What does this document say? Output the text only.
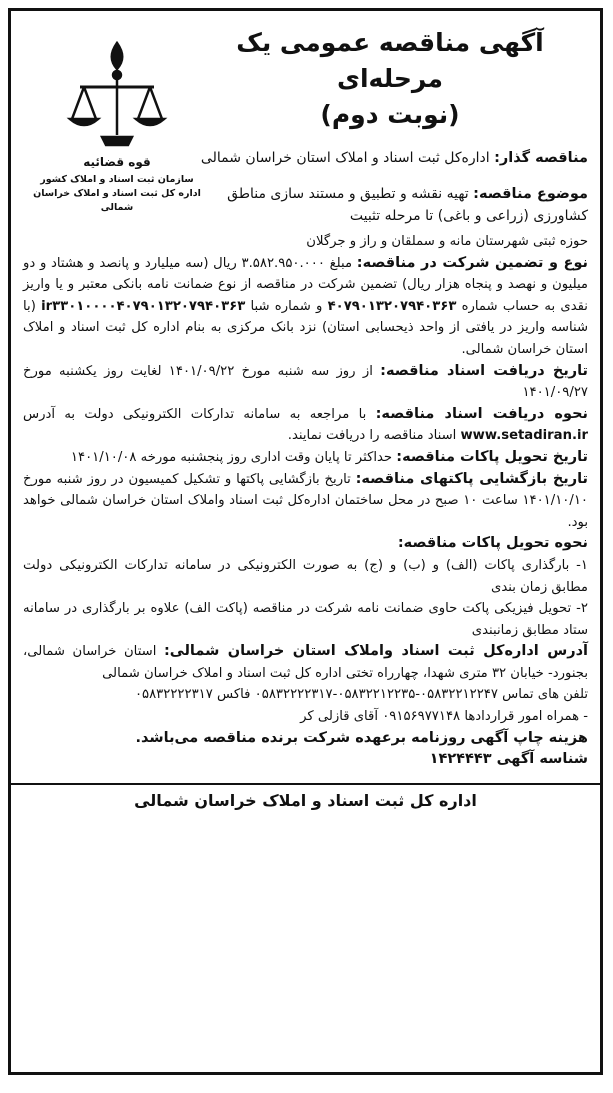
آگهی مناقصه عمومی یک مرحله‌ای
(نوبت دوم)
قوه قضائیه
سازمان ثبت اسناد و املاک کشور
اداره کل ثبت اسناد و املاک خراسان شمالی

مناقصه گذار: اداره‌کل ثبت اسناد و املاک استان خراسان شمالی

موضوع مناقصه: تهیه نقشه و تطبیق و مستند سازی مناطق کشاورزی (زراعی و باغی) تا مرحله تثبیت

حوزه ثبتی شهرستان مانه و سملقان و راز و جرگلان

نوع و تضمین شرکت در مناقصه: مبلغ ۳.۵۸۲.۹۵۰.۰۰۰ ریال (سه میلیارد و پانصد و هشتاد و دو میلیون و نهصد و پنجاه هزار ریال) تضمین شرکت در مناقصه از نوع ضمانت نامه بانکی معتبر و یا واریز نقدی به حساب شماره ۴۰۷۹۰۱۳۲۰۷۹۴۰۳۶۳ و شماره شبا ir۳۳۰۱۰۰۰۰۴۰۷۹۰۱۳۲۰۷۹۴۰۳۶۳ (با شناسه واریز در یافتی از واحد ذیحسابی استان) نزد بانک مرکزی به بنام اداره کل ثبت اسناد و املاک استان خراسان شمالی.

تاریخ دریافت اسناد مناقصه: از روز سه شنبه مورخ ۱۴۰۱/۰۹/۲۲ لغایت روز یکشنبه مورخ ۱۴۰۱/۰۹/۲۷

نحوه دریافت اسناد مناقصه: با مراجعه به سامانه تدارکات الکترونیکی دولت به آدرس www.setadiran.ir اسناد مناقصه را دریافت نمایند.

تاریخ تحویل پاکات مناقصه: حداکثر تا پایان وقت اداری روز پنجشنبه مورخه ۱۴۰۱/۱۰/۰۸

تاریخ بازگشایی پاکتهای مناقصه: تاریخ بازگشایی پاکتها و تشکیل کمیسیون در روز شنبه مورخ ۱۴۰۱/۱۰/۱۰ ساعت ۱۰ صبح در محل ساختمان اداره‌کل ثبت اسناد واملاک استان خراسان شمالی خواهد بود.

نحوه تحویل پاکات مناقصه:

۱- بارگذاری پاکات (الف) و (ب) و (ج) به صورت الکترونیکی در سامانه تدارکات الکترونیکی دولت مطابق زمان بندی

۲- تحویل فیزیکی پاکت حاوی ضمانت نامه شرکت در مناقصه (پاکت الف) علاوه بر بارگذاری در سامانه ستاد مطابق زمانبندی

آدرس اداره‌کل ثبت اسناد واملاک استان خراسان شمالی: استان خراسان شمالی، بجنورد- خیابان ۳۲ متری شهدا، چهارراه تختی اداره کل ثبت اسناد و املاک خراسان شمالی

تلفن های تماس ۰۵۸۳۲۲۱۲۲۴۷-۰۵۸۳۲۲۱۲۲۳۵-۰۵۸۳۲۲۲۲۳۱۷ فاکس ۰۵۸۳۲۲۲۲۳۱۷

- همراه امور قراردادها ۰۹۱۵۶۹۷۷۱۴۸ آقای قازلی کر

هزینه چاپ آگهی روزنامه برعهده شرکت برنده مناقصه می‌باشد.

شناسه آگهی ۱۴۲۴۴۴۳

اداره کل ثبت اسناد و املاک خراسان شمالی
